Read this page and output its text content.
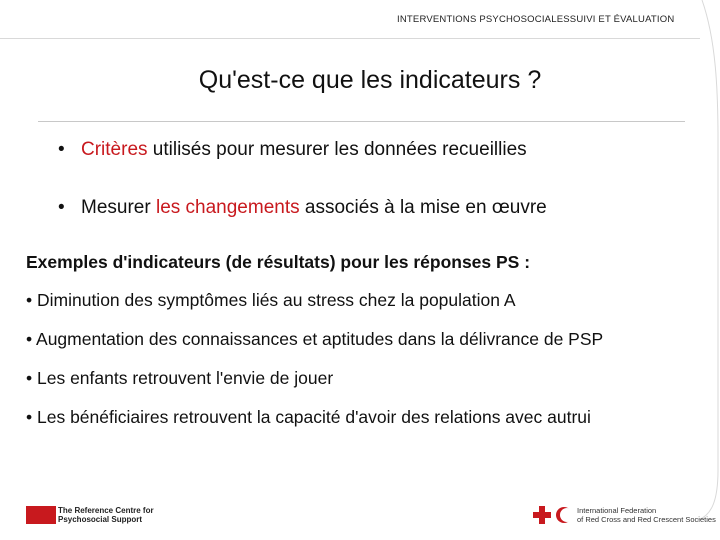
INTERVENTIONS PSYCHOSOCIALESSUIVI ET ÉVALUATION
Qu'est-ce que les indicateurs ?
• Critères utilisés pour mesurer les données recueillies
• Mesurer les changements associés à la mise en œuvre
Exemples d'indicateurs (de résultats) pour les réponses PS :
• Diminution des symptômes liés au stress chez la population A
• Augmentation des connaissances et aptitudes dans la délivrance de PSP
• Les enfants retrouvent l'envie de jouer
• Les bénéficiaires retrouvent la capacité d'avoir des relations avec autrui
The Reference Centre for
Psychosocial Support
International Federation
of Red Cross and Red Crescent Societies
